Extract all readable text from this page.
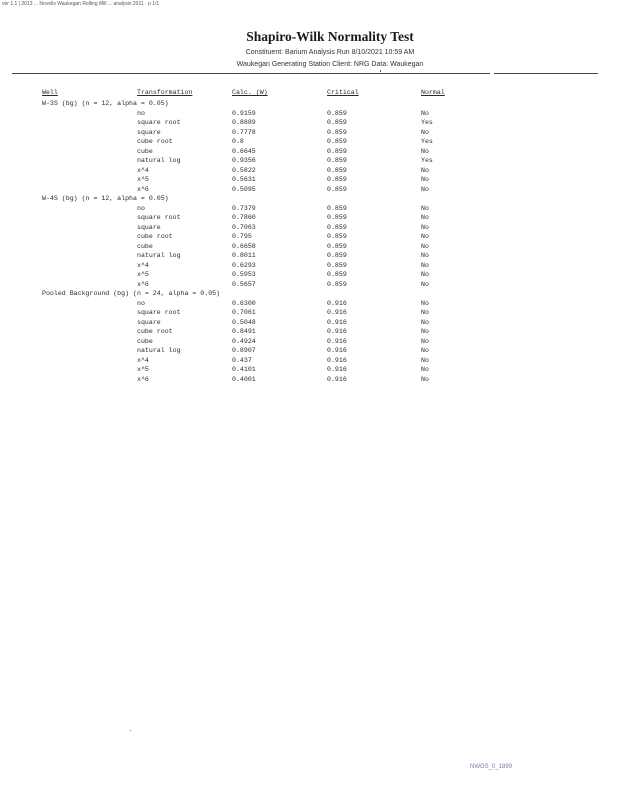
ver 1.1 | 2013 ... Novelis Waukegan Rolling Mill ... analysis 2011 · p 1/1
Shapiro-Wilk Normality Test
Constituent: Barium Analysis Run 8/10/2021 10:59 AM
Waukegan Generating Station Client: NRG Data: Waukegan
Well	Transformation	Calc. (W)	Critical	Normal
W-3S (bg) (n = 12, alpha = 0.05)
no	0.9159	0.859	No
square root	0.8889	0.859	Yes
square	0.7778	0.859	No
cube root	0.8	0.859	Yes
cube	0.6645	0.859	No
natural log	0.9356	0.859	Yes
x^4	0.5822	0.859	No
x^5	0.5631	0.859	No
x^6	0.5095	0.859	No
W-4S (bg) (n = 12, alpha = 0.05)
no	0.7379	0.859	No
square root	0.7860	0.859	No
square	0.7063	0.859	No
cube root	0.795	0.859	No
cube	0.6658	0.859	No
natural log	0.8011	0.859	No
x^4	0.6293	0.859	No
x^5	0.5953	0.859	No
x^6	0.5657	0.859	No
Pooled Background (bg) (n = 24, alpha = 0.05)
no	0.6300	0.916	No
square root	0.7061	0.916	No
square	0.5048	0.916	No
cube root	0.8491	0.916	No
cube	0.4924	0.916	No
natural log	0.8907	0.916	No
x^4	0.437	0.916	No
x^5	0.4101	0.916	No
x^6	0.4001	0.916	No
NWGS_0_1899
